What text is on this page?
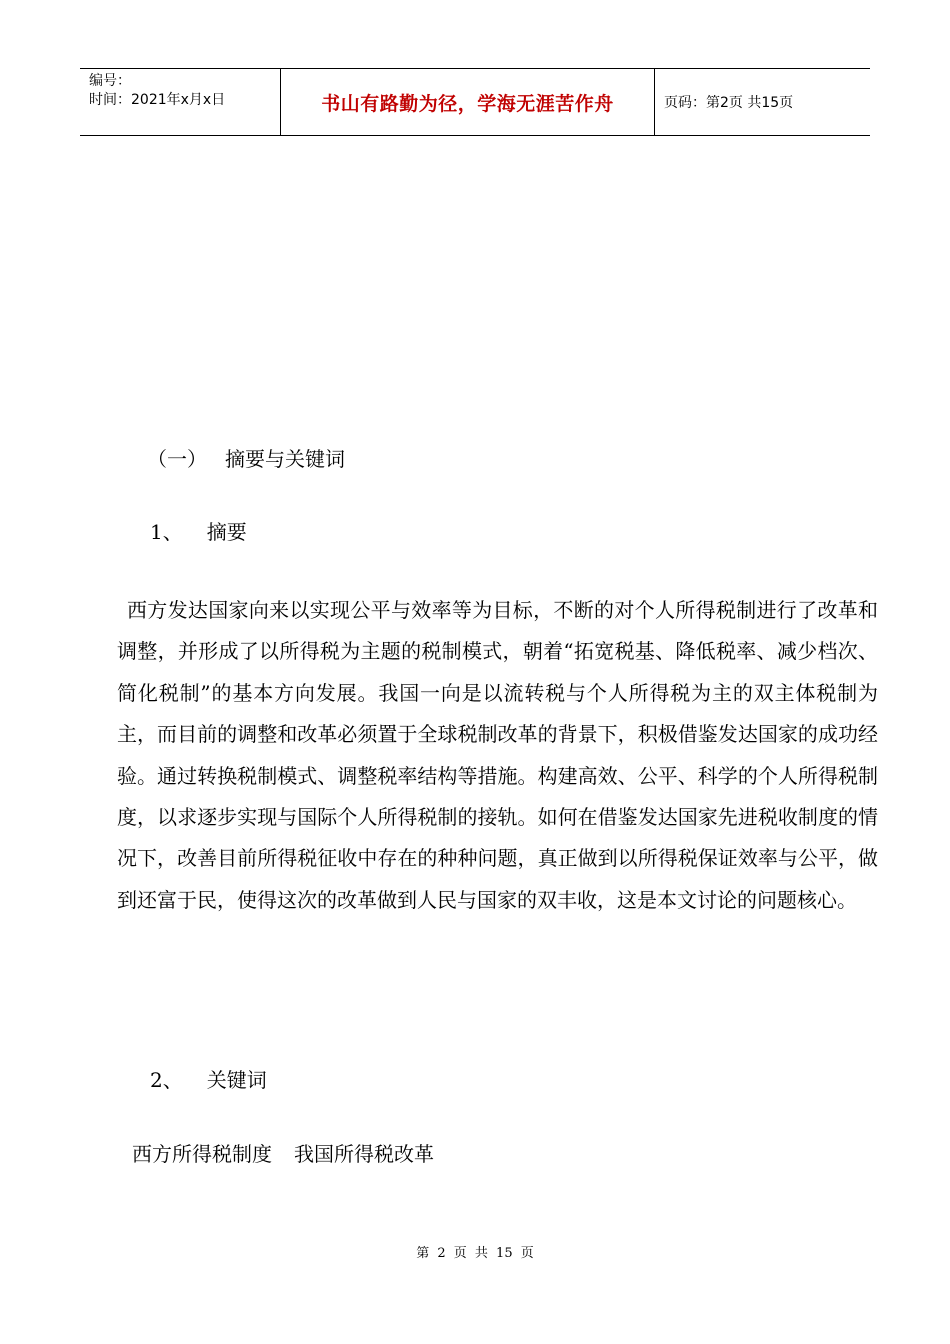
编号：
时间：2021年x月x日	书山有路勤为径，学海无涯苦作舟	页码：第2页 共15页
（一） 摘要与关键词
1、 摘要

西方发达国家向来以实现公平与效率等为目标，不断的对个人所得税制进行了改革和调整，并形成了以所得税为主题的税制模式，朝着“拓宽税基、降低税率、减少档次、简化税制”的基本方向发展。我国一向是以流转税与个人所得税为主的双主体税制为主，而目前的调整和改革必须置于全球税制改革的背景下，积极借鉴发达国家的成功经验。通过转换税制模式、调整税率结构等措施。构建高效、公平、科学的个人所得税制度，以求逐步实现与国际个人所得税制的接轨。如何在借鉴发达国家先进税收制度的情况下，改善目前所得税征收中存在的种种问题，真正做到以所得税保证效率与公平，做到还富于民，使得这次的改革做到人民与国家的双丰收，这是本文讨论的问题核心。

2、 关键词
西方所得税制度 我国所得税改革
第 2 页 共 15 页
